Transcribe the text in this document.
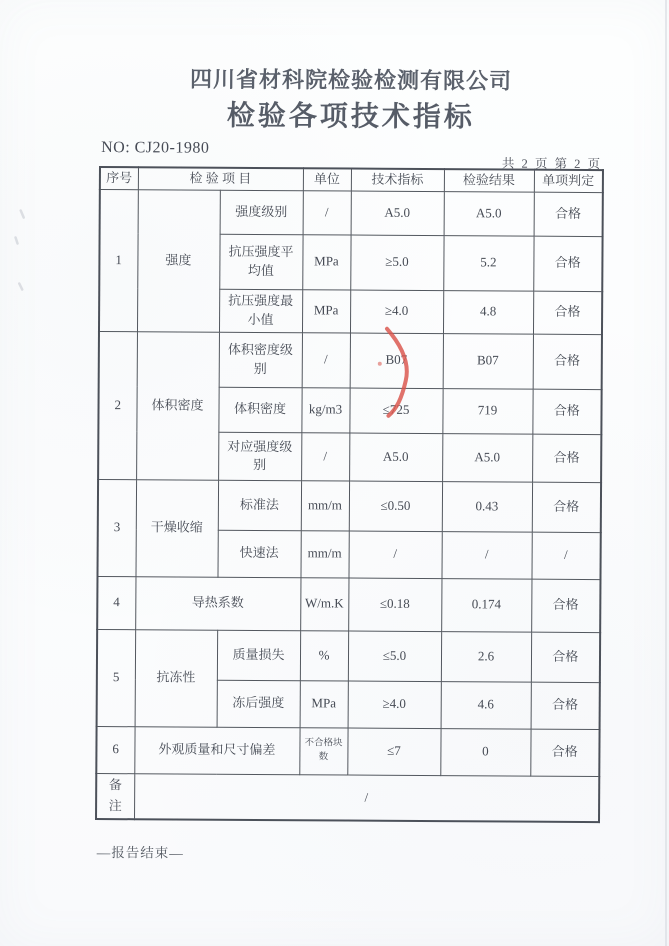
四川省材科院检验检测有限公司
检验各项技术指标
NO: CJ20-1980
共 2 页 第 2 页
序号	检 验 项 目		单位	技术指标	检验结果	单项判定
1	强度	强度级别	/	A5.0	A5.0	合格
		抗压强度平均值	MPa	≥5.0	5.2	合格
		抗压强度最小值	MPa	≥4.0	4.8	合格
2	体积密度	体积密度级别	/	B07	B07	合格
		体积密度	kg/m3	≤725	719	合格
		对应强度级别	/	A5.0	A5.0	合格
3	干燥收缩	标准法	mm/m	≤0.50	0.43	合格
		快速法	mm/m	/	/	/
4	导热系数		W/m.K	≤0.18	0.174	合格
5	抗冻性	质量损失	%	≤5.0	2.6	合格
		冻后强度	MPa	≥4.0	4.6	合格
6	外观质量和尺寸偏差		不合格块数	≤7	0	合格
备注	/					
—报告结束—
